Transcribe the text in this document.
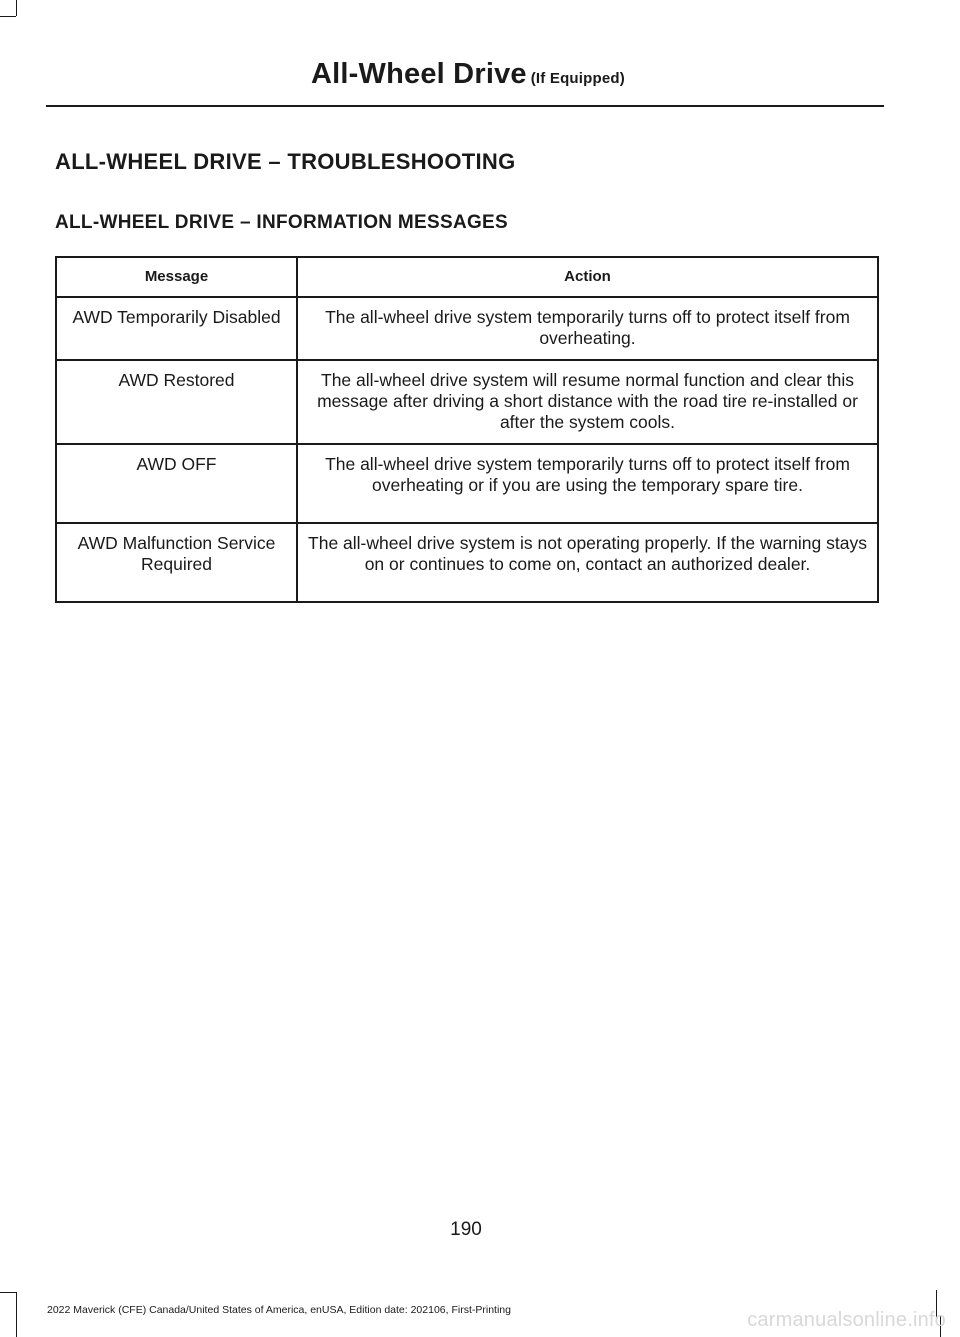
All-Wheel Drive (If Equipped)
ALL-WHEEL DRIVE – TROUBLESHOOTING
ALL-WHEEL DRIVE – INFORMATION MESSAGES
Message	Action
AWD Temporarily Disabled	The all-wheel drive system temporarily turns off to protect itself from overheating.
AWD Restored	The all-wheel drive system will resume normal function and clear this message after driving a short distance with the road tire re-installed or after the system cools.
AWD OFF	The all-wheel drive system temporarily turns off to protect itself from overheating or if you are using the temporary spare tire.
AWD Malfunction Service Required	The all-wheel drive system is not operating properly. If the warning stays on or continues to come on, contact an authorized dealer.
190
2022 Maverick (CFE) Canada/United States of America, enUSA, Edition date: 202106, First-Printing	carmanualsonline.info
